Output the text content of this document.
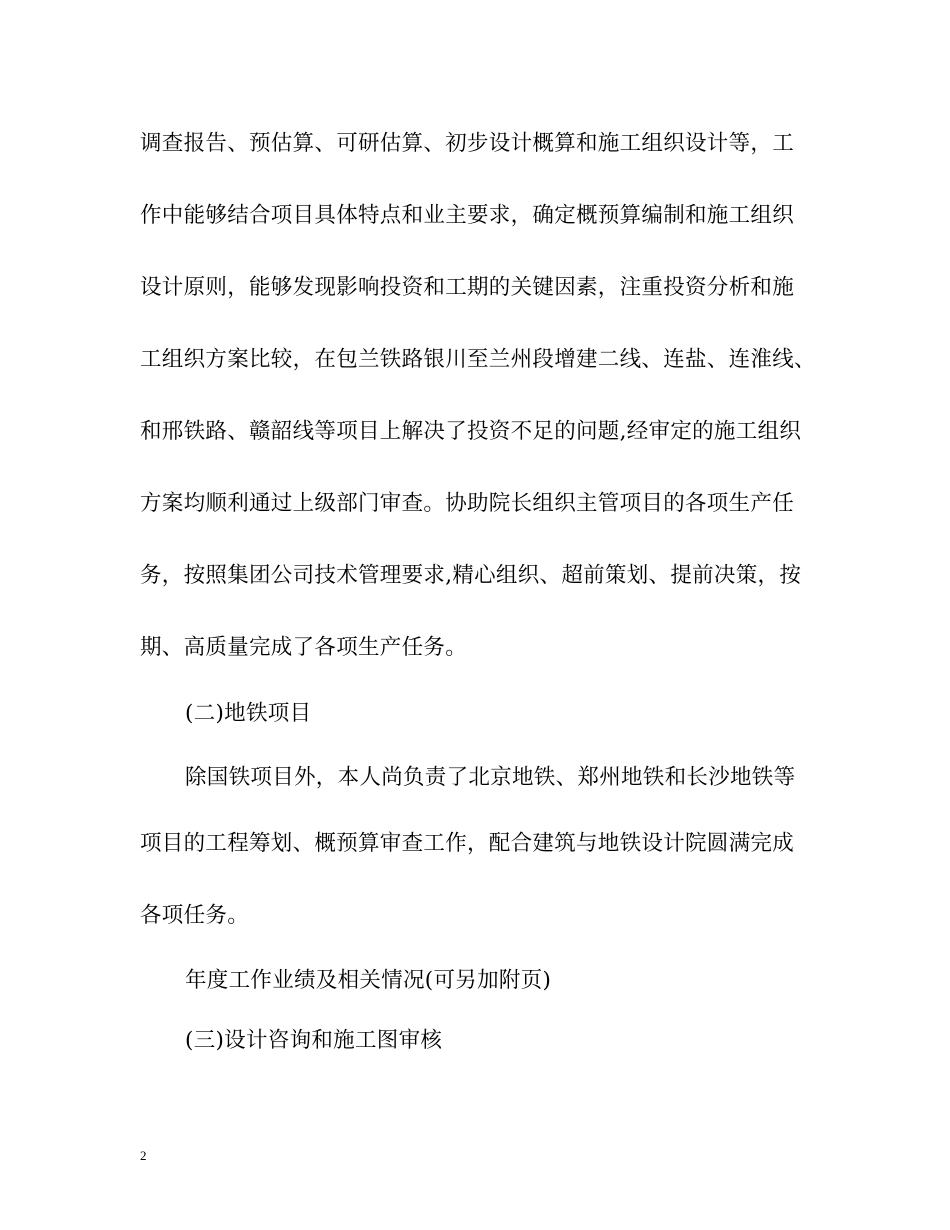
调查报告、预估算、可研估算、初步设计概算和施工组织设计等，工
作中能够结合项目具体特点和业主要求，确定概预算编制和施工组织
设计原则，能够发现影响投资和工期的关键因素，注重投资分析和施
工组织方案比较，在包兰铁路银川至兰州段增建二线、连盐、连淮线、
和邢铁路、赣韶线等项目上解决了投资不足的问题,经审定的施工组织
方案均顺利通过上级部门审查。协助院长组织主管项目的各项生产任
务，按照集团公司技术管理要求,精心组织、超前策划、提前决策，按
期、高质量完成了各项生产任务。
(二)地铁项目
除国铁项目外，本人尚负责了北京地铁、郑州地铁和长沙地铁等
项目的工程筹划、概预算审查工作，配合建筑与地铁设计院圆满完成
各项任务。
年度工作业绩及相关情况(可另加附页)
(三)设计咨询和施工图审核
2
